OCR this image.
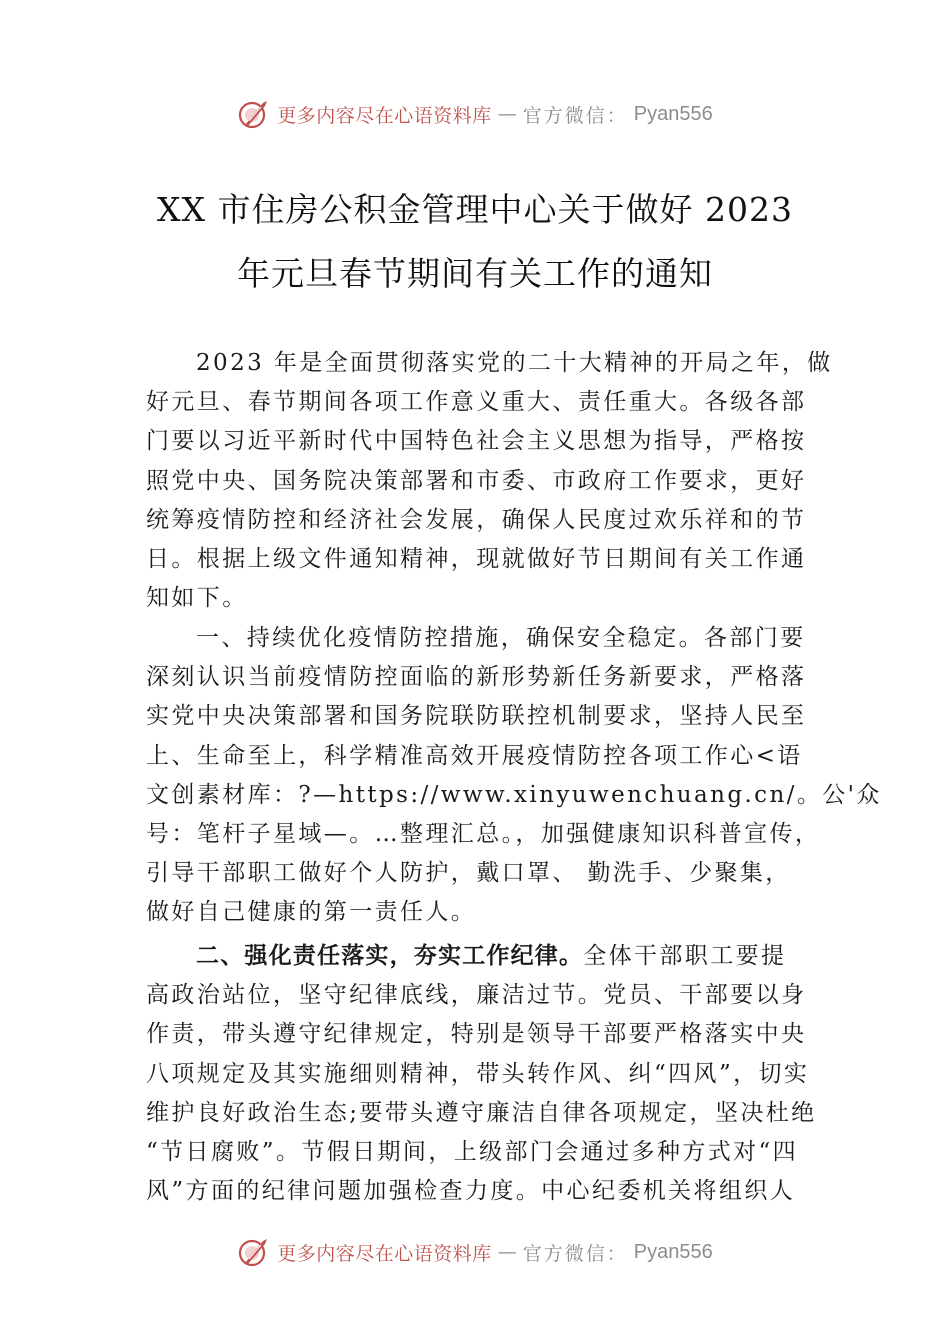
更多内容尽在心语资料库 — 官方微信： Pyan556
XX 市住房公积金管理中心关于做好 2023
年元旦春节期间有关工作的通知
2023 年是全面贯彻落实党的二十大精神的开局之年，做
好元旦、春节期间各项工作意义重大、责任重大。各级各部
门要以习近平新时代中国特色社会主义思想为指导，严格按
照党中央、国务院决策部署和市委、市政府工作要求，更好
统筹疫情防控和经济社会发展，确保人民度过欢乐祥和的节
日。根据上级文件通知精神，现就做好节日期间有关工作通
知如下。
一、持续优化疫情防控措施，确保安全稳定。各部门要
深刻认识当前疫情防控面临的新形势新任务新要求，严格落
实党中央决策部署和国务院联防联控机制要求，坚持人民至
上、生命至上，科学精准高效开展疫情防控各项工作心<语
文创素材库：?—https://www.xinyuwenchuang.cn/。公'众
号：笔杆子星域—。…整理汇总。，加强健康知识科普宣传，
引导干部职工做好个人防护，戴口罩、 勤洗手、少聚集，
做好自己健康的第一责任人。
二、强化责任落实，夯实工作纪律。全体干部职工要提
高政治站位，坚守纪律底线，廉洁过节。党员、干部要以身
作责，带头遵守纪律规定，特别是领导干部要严格落实中央
八项规定及其实施细则精神，带头转作风、纠“四风”，切实
维护良好政治生态;要带头遵守廉洁自律各项规定，坚决杜绝
“节日腐败”。节假日期间，上级部门会通过多种方式对“四
风”方面的纪律问题加强检查力度。中心纪委机关将组织人
更多内容尽在心语资料库 — 官方微信： Pyan556
